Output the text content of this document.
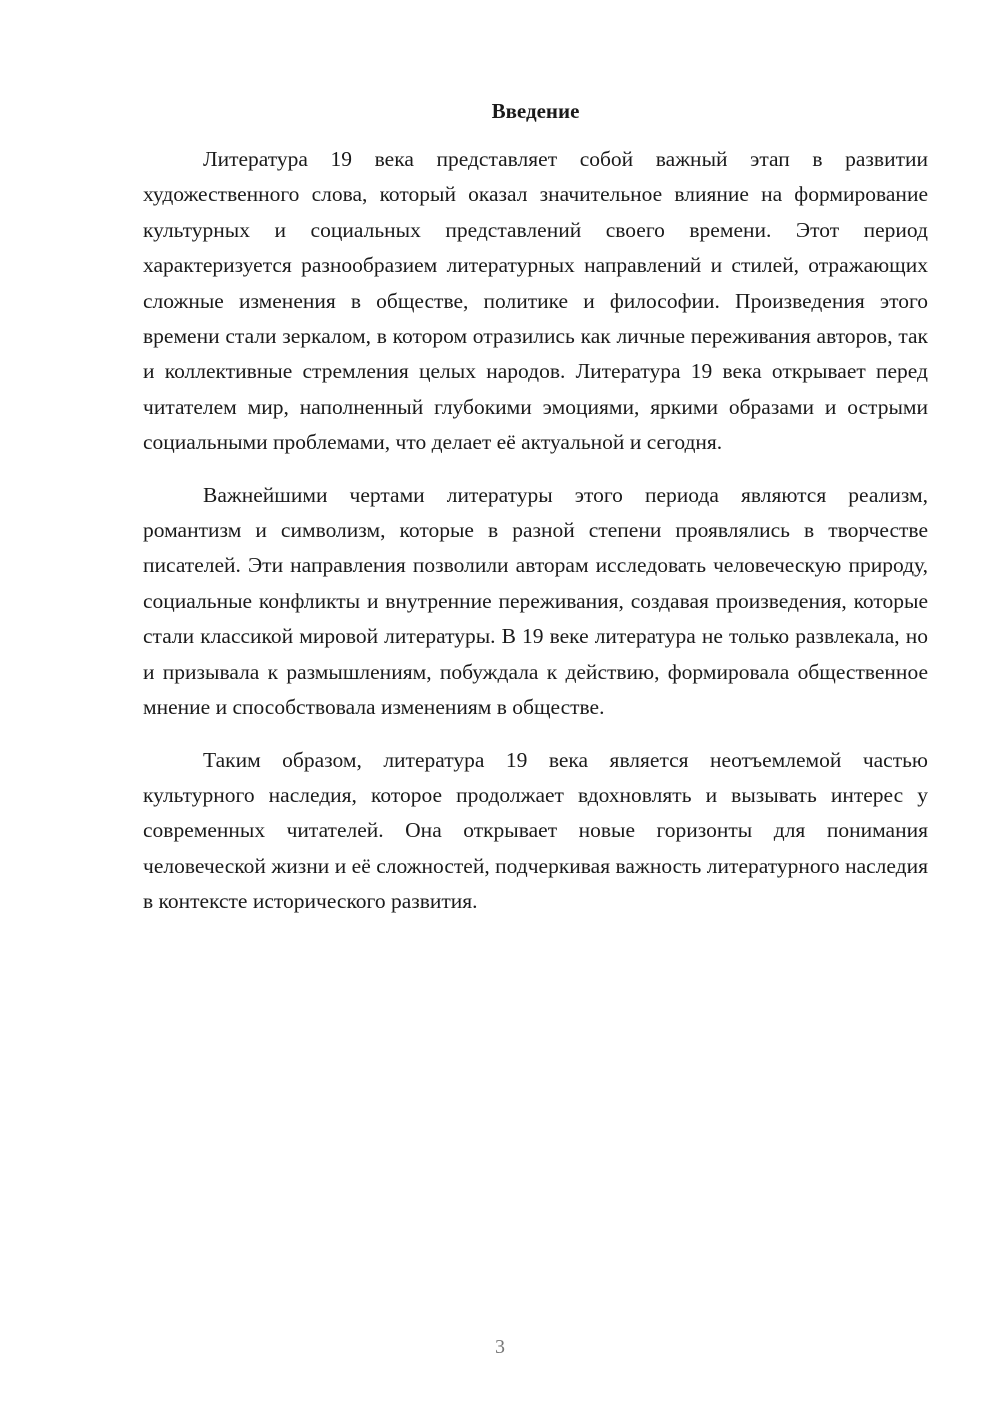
Введение

Литература 19 века представляет собой важный этап в развитии художественного слова, который оказал значительное влияние на формирование культурных и социальных представлений своего времени. Этот период характеризуется разнообразием литературных направлений и стилей, отражающих сложные изменения в обществе, политике и философии. Произведения этого времени стали зеркалом, в котором отразились как личные переживания авторов, так и коллективные стремления целых народов. Литература 19 века открывает перед читателем мир, наполненный глубокими эмоциями, яркими образами и острыми социальными проблемами, что делает её актуальной и сегодня.

Важнейшими чертами литературы этого периода являются реализм, романтизм и символизм, которые в разной степени проявлялись в творчестве писателей. Эти направления позволили авторам исследовать человеческую природу, социальные конфликты и внутренние переживания, создавая произведения, которые стали классикой мировой литературы. В 19 веке литература не только развлекала, но и призывала к размышлениям, побуждала к действию, формировала общественное мнение и способствовала изменениям в обществе.

Таким образом, литература 19 века является неотъемлемой частью культурного наследия, которое продолжает вдохновлять и вызывать интерес у современных читателей. Она открывает новые горизонты для понимания человеческой жизни и её сложностей, подчеркивая важность литературного наследия в контексте исторического развития.

3
